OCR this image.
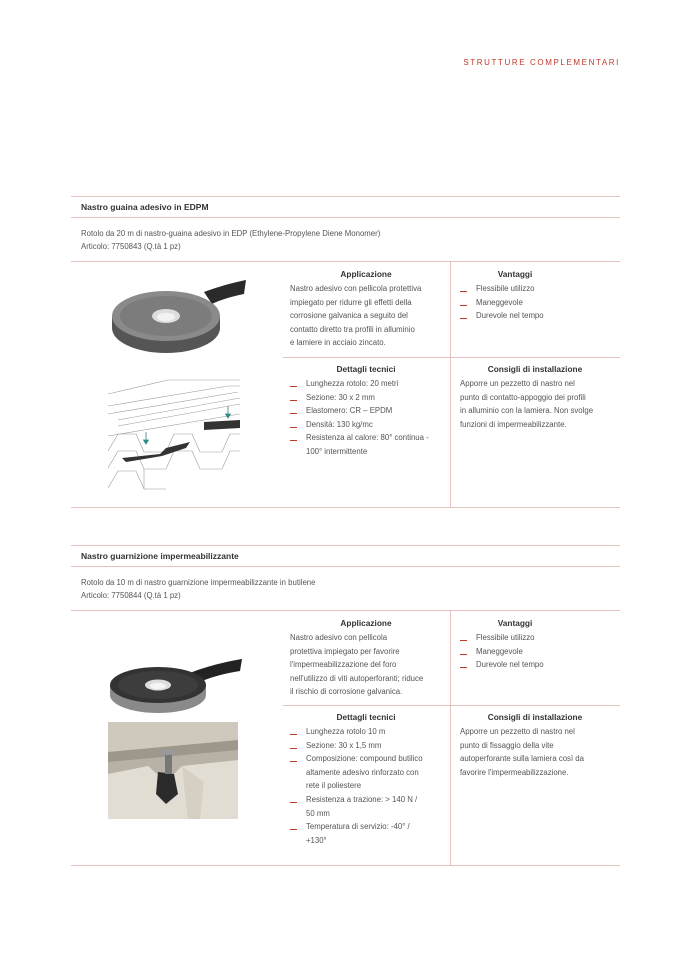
STRUTTURE COMPLEMENTARI
Nastro guaina adesivo in EDPM
Rotolo da 20 m di nastro-guaina adesivo in EDP (Ethylene-Propylene Diene Monomer)
Articolo: 7750843 (Q.tà 1 pz)
Applicazione
Nastro adesivo con pellicola protettiva
impiegato per ridurre gli effetti della
corrosione galvanica a seguito del
contatto diretto tra profili in alluminio
e lamiere in acciaio zincato.
Vantaggi
Flessibile utilizzo
Maneggevole
Durevole nel tempo
Dettagli tecnici
Lunghezza rotolo: 20 metri
Sezione: 30 x 2 mm
Elastomero: CR – EPDM
Densità: 130 kg/mc
Resistenza al calore: 80° continua -
100° intermittente
Consigli di installazione
Apporre un pezzetto di nastro nel
punto di contatto-appoggio dei profili
in alluminio con la lamiera. Non svolge
funzioni di impermeabilizzante.
Nastro guarnizione impermeabilizzante
Rotolo da 10 m di nastro guarnizione impermeabilizzante in butilene
Articolo: 7750844 (Q.tà 1 pz)
Applicazione
Nastro adesivo con pellicola
protettiva impiegato per favorire
l'impermeabilizzazione del foro
nell'utilizzo di viti autoperforanti; riduce
il rischio di corrosione galvanica.
Vantaggi
Flessibile utilizzo
Maneggevole
Durevole nel tempo
Dettagli tecnici
Lunghezza rotolo 10 m
Sezione: 30 x 1,5 mm
Composizione: compound butilico
altamente adesivo rinforzato con
rete il poliestere
Resistenza a trazione: > 140 N /
50 mm
Temperatura di servizio: -40° /
+130°
Consigli di installazione
Apporre un pezzetto di nastro nel
punto di fissaggio della vite
autoperforante sulla lamiera così da
favorire l'impermeabilizzazione.
